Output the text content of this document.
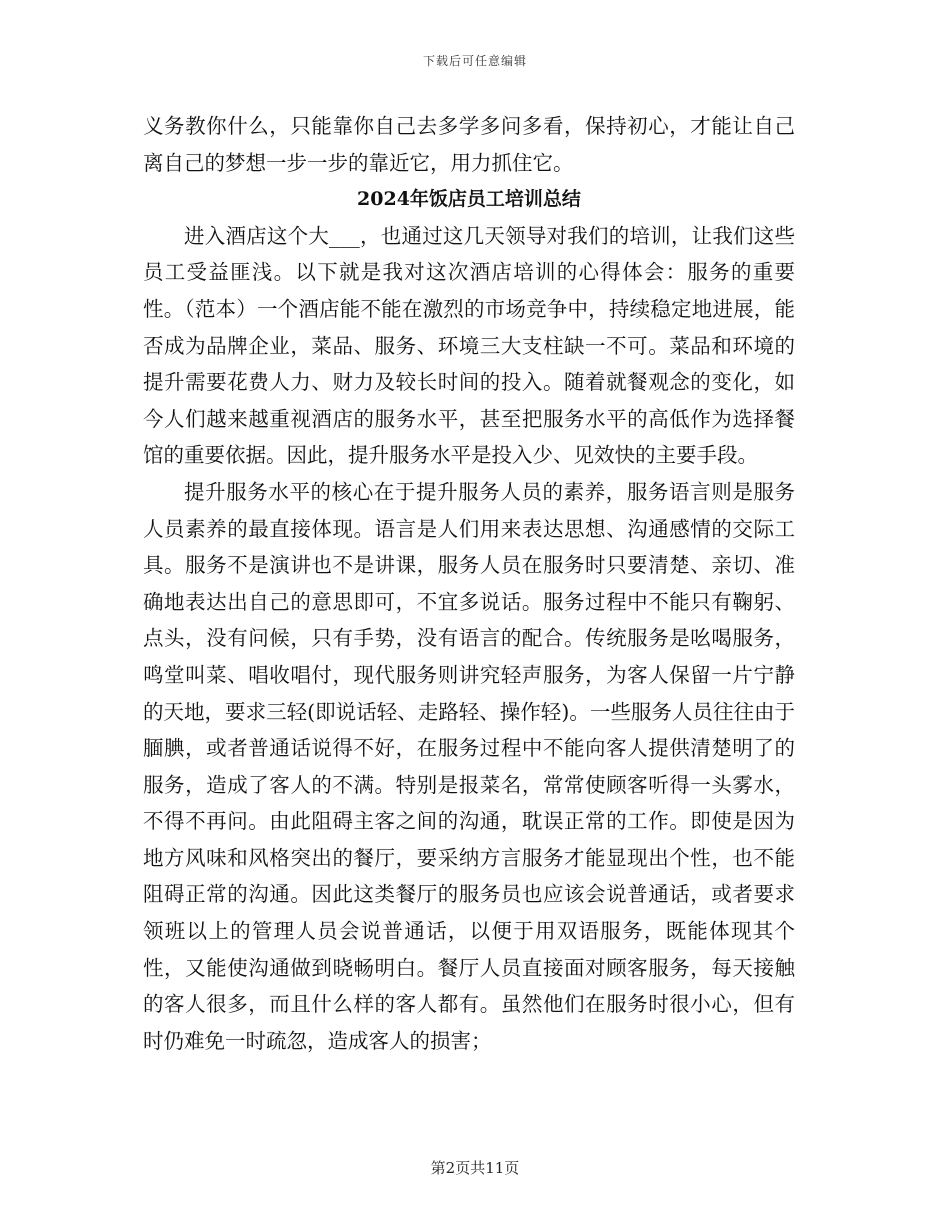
下载后可任意编辑

义务教你什么，只能靠你自己去多学多问多看，保持初心，才能让自己离自己的梦想一步一步的靠近它，用力抓住它。

2024年饭店员工培训总结

进入酒店这个大___，也通过这几天领导对我们的培训，让我们这些员工受益匪浅。以下就是我对这次酒店培训的心得体会：服务的重要性。（范本）一个酒店能不能在激烈的市场竞争中，持续稳定地进展，能否成为品牌企业，菜品、服务、环境三大支柱缺一不可。菜品和环境的提升需要花费人力、财力及较长时间的投入。随着就餐观念的变化，如今人们越来越重视酒店的服务水平，甚至把服务水平的高低作为选择餐馆的重要依据。因此，提升服务水平是投入少、见效快的主要手段。

提升服务水平的核心在于提升服务人员的素养，服务语言则是服务人员素养的最直接体现。语言是人们用来表达思想、沟通感情的交际工具。服务不是演讲也不是讲课，服务人员在服务时只要清楚、亲切、准确地表达出自己的意思即可，不宜多说话。服务过程中不能只有鞠躬、点头，没有问候，只有手势，没有语言的配合。传统服务是吆喝服务，鸣堂叫菜、唱收唱付，现代服务则讲究轻声服务，为客人保留一片宁静的天地，要求三轻(即说话轻、走路轻、操作轻)。一些服务人员往往由于腼腆，或者普通话说得不好，在服务过程中不能向客人提供清楚明了的服务，造成了客人的不满。特别是报菜名，常常使顾客听得一头雾水，不得不再问。由此阻碍主客之间的沟通，耽误正常的工作。即使是因为地方风味和风格突出的餐厅，要采纳方言服务才能显现出个性，也不能阻碍正常的沟通。因此这类餐厅的服务员也应该会说普通话，或者要求领班以上的管理人员会说普通话，以便于用双语服务，既能体现其个性，又能使沟通做到晓畅明白。餐厅人员直接面对顾客服务，每天接触的客人很多，而且什么样的客人都有。虽然他们在服务时很小心，但有时仍难免一时疏忽，造成客人的损害；

第2页共11页
